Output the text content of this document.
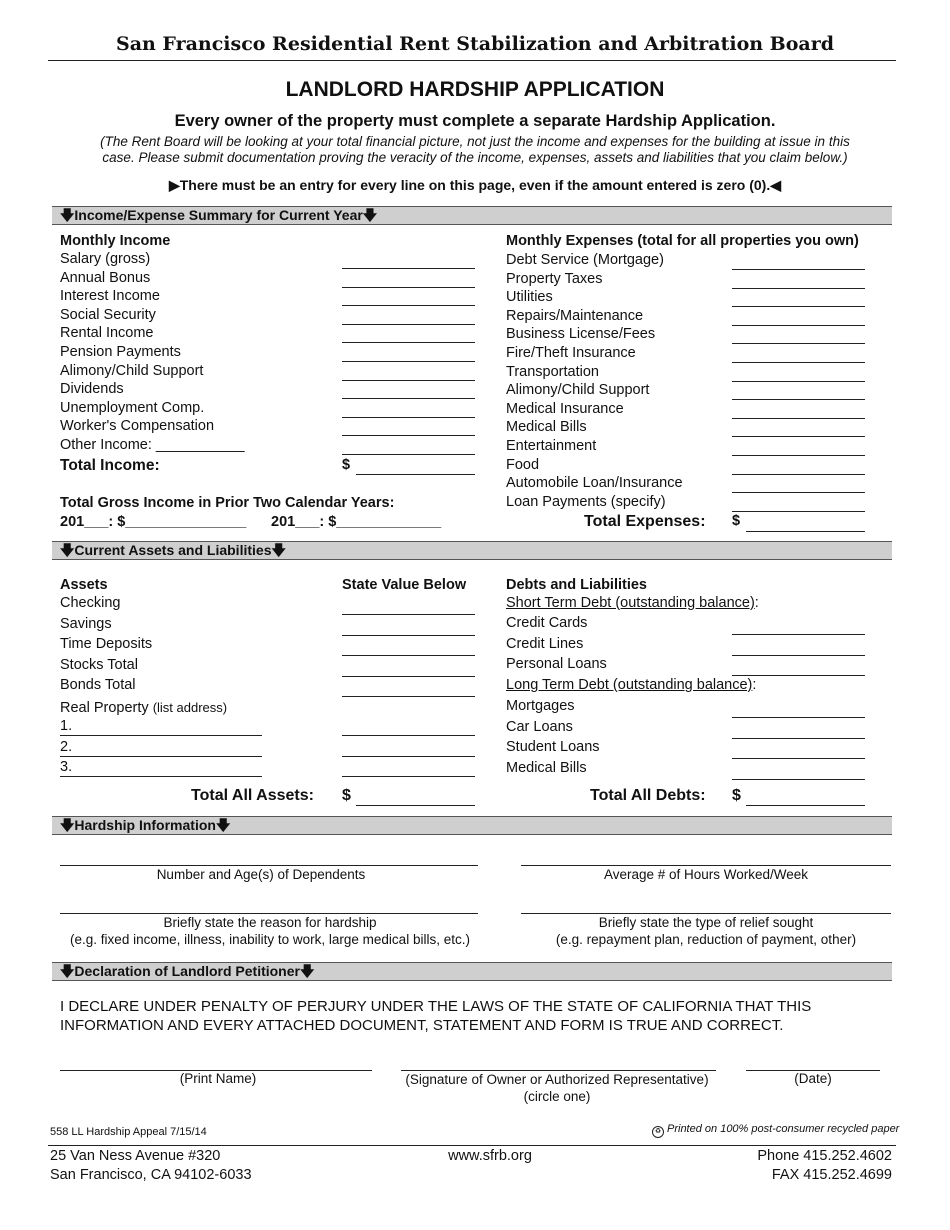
San Francisco Residential Rent Stabilization and Arbitration Board
LANDLORD HARDSHIP APPLICATION
Every owner of the property must complete a separate Hardship Application.
(The Rent Board will be looking at your total financial picture, not just the income and expenses for the building at issue in this
case. Please submit documentation proving the veracity of the income, expenses, assets and liabilities that you claim below.)
▶There must be an entry for every line on this page, even if the amount entered is zero (0).◀
🡇Income/Expense Summary for Current Year🡇
Monthly Income
Salary (gross)
Annual Bonus
Interest Income
Social Security
Rental Income
Pension Payments
Alimony/Child Support
Dividends
Unemployment Comp.
Worker's Compensation
Other Income: ___________
Total Income:	$
Total Gross Income in Prior Two Calendar Years:
201___: $_______________ 201___: $_____________
Monthly Expenses (total for all properties you own)
Debt Service (Mortgage)
Property Taxes
Utilities
Repairs/Maintenance
Business License/Fees
Fire/Theft Insurance
Transportation
Alimony/Child Support
Medical Insurance
Medical Bills
Entertainment
Food
Automobile Loan/Insurance
Loan Payments (specify)
Total Expenses: $
🡇Current Assets and Liabilities🡇
Assets	State Value Below
Checking
Savings
Time Deposits
Stocks Total
Bonds Total
Real Property (list address)
1.
2.
3.
Total All Assets: $
Debts and Liabilities
Short Term Debt (outstanding balance):
Credit Cards
Credit Lines
Personal Loans
Long Term Debt (outstanding balance):
Mortgages
Car Loans
Student Loans
Medical Bills
Total All Debts: $
🡇Hardship Information🡇
Number and Age(s) of Dependents	Average # of Hours Worked/Week
Briefly state the reason for hardship
(e.g. fixed income, illness, inability to work, large medical bills, etc.)
Briefly state the type of relief sought
(e.g. repayment plan, reduction of payment, other)
🡇Declaration of Landlord Petitioner🡇
I DECLARE UNDER PENALTY OF PERJURY UNDER THE LAWS OF THE STATE OF CALIFORNIA THAT THIS
INFORMATION AND EVERY ATTACHED DOCUMENT, STATEMENT AND FORM IS TRUE AND CORRECT.
(Print Name)	(Signature of Owner or Authorized Representative)
(circle one)
(Date)
558 LL Hardship Appeal 7/15/14	♻ Printed on 100% post-consumer recycled paper
25 Van Ness Avenue #320
San Francisco, CA 94102-6033
www.sfrb.org	Phone 415.252.4602
FAX 415.252.4699
